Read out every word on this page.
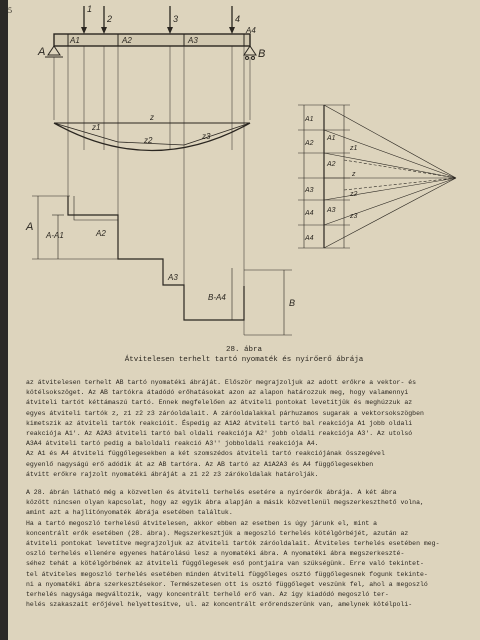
5	1
2	3	4
A1	A2	A3
A4
A	B
z
z1
z2	z3
A
A-A1	A2
A3
B-A4
B
A1
A1
A2
A2
A3
A3
A4
A4
z1
z
z2
z3
28. ábra
Átvitelesen terhelt tartó nyomaték és nyírőerő ábrája

az átvitelesen terhelt AB tartó nyomatéki ábráját. Először megrajzoljuk az adott erőkre a vektor- és

kötélsokszöget. Az AB tartókra átadódó erőhatásokat azon az alapon határozzuk meg, hogy valamennyi

átviteli tartót kéttámaszú tartó. Ennek megfelelően az átviteli pontokat levetítjük és meghúzzuk az

egyes átviteli tartók z, z1 z2 z3 záróoldalait. A záróoldalakkal párhuzamos sugarak a vektorsokszögben

kimetszik az átviteli tartók reakcióit. Éspedig az A1A2 átviteli tartó bal reakciója A1 jobb oldali

reakciója A1'. Az A2A3 átviteli tartó bal oldali reakciója A2' jobb oldali reakciója A3'. Az utolsó

A3A4 átviteli tartó pedig a baloldali reakció A3'' jobboldali reakciója A4.

Az A1 és A4 átviteli függőlegesekben a két szomszédos átviteli tartó reakciójának összegével

egyenlő nagyságú erő adódik át az AB tartóra. Az AB tartó az A1A2A3 és A4 függőlegesekben

átvitt erőkre rajzolt nyomatéki ábráját a z1 z2 z3 zárókoldalak határolják.

A 28. ábrán látható még a közvetlen és átviteli terhelés esetére a nyíróerők ábrája. A két ábra

között nincsen olyan kapcsolat, hogy az egyik ábra alapján a másik közvetlenül megszerkeszthető volna,

amint azt a hajlítónyomaték ábrája esetében találtuk.

Ha a tartó megoszló terhelésű átvitelesen, akkor ebben az esetben is úgy járunk el, mint a

koncentrált erők esetében (28. ábra). Megszerkesztjük a megoszló terhelés kötélgörbéjét, azután az

átviteli pontokat levetítve megrajzoljuk az átviteli tartók záróoldalait. Átviteles terhelés esetében meg-

oszló terhelés ellenére egyenes határolású lesz a nyomatéki ábra. A nyomatéki ábra megszerkeszté-

séhez tehát a kötélgörbének az átviteli függőlegesek eső pontjaira van szükségünk. Erre való tekintet-

tel átviteles megoszló terhelés esetében minden átviteli függőleges osztó függőlegesnek fogunk tekinte-

ni a nyomatéki ábra szerkesztésekor. Természetesen ott is osztó függőleget veszünk fel, ahol a megoszló

terhelés nagysága megváltozik, vagy koncentrált terhelő erő van. Az így kiadódó megoszló ter-

helés szakaszait erőjével helyettesítve, ul. az koncentrált erőrendszerünk van, amelynek kötélpoli-
